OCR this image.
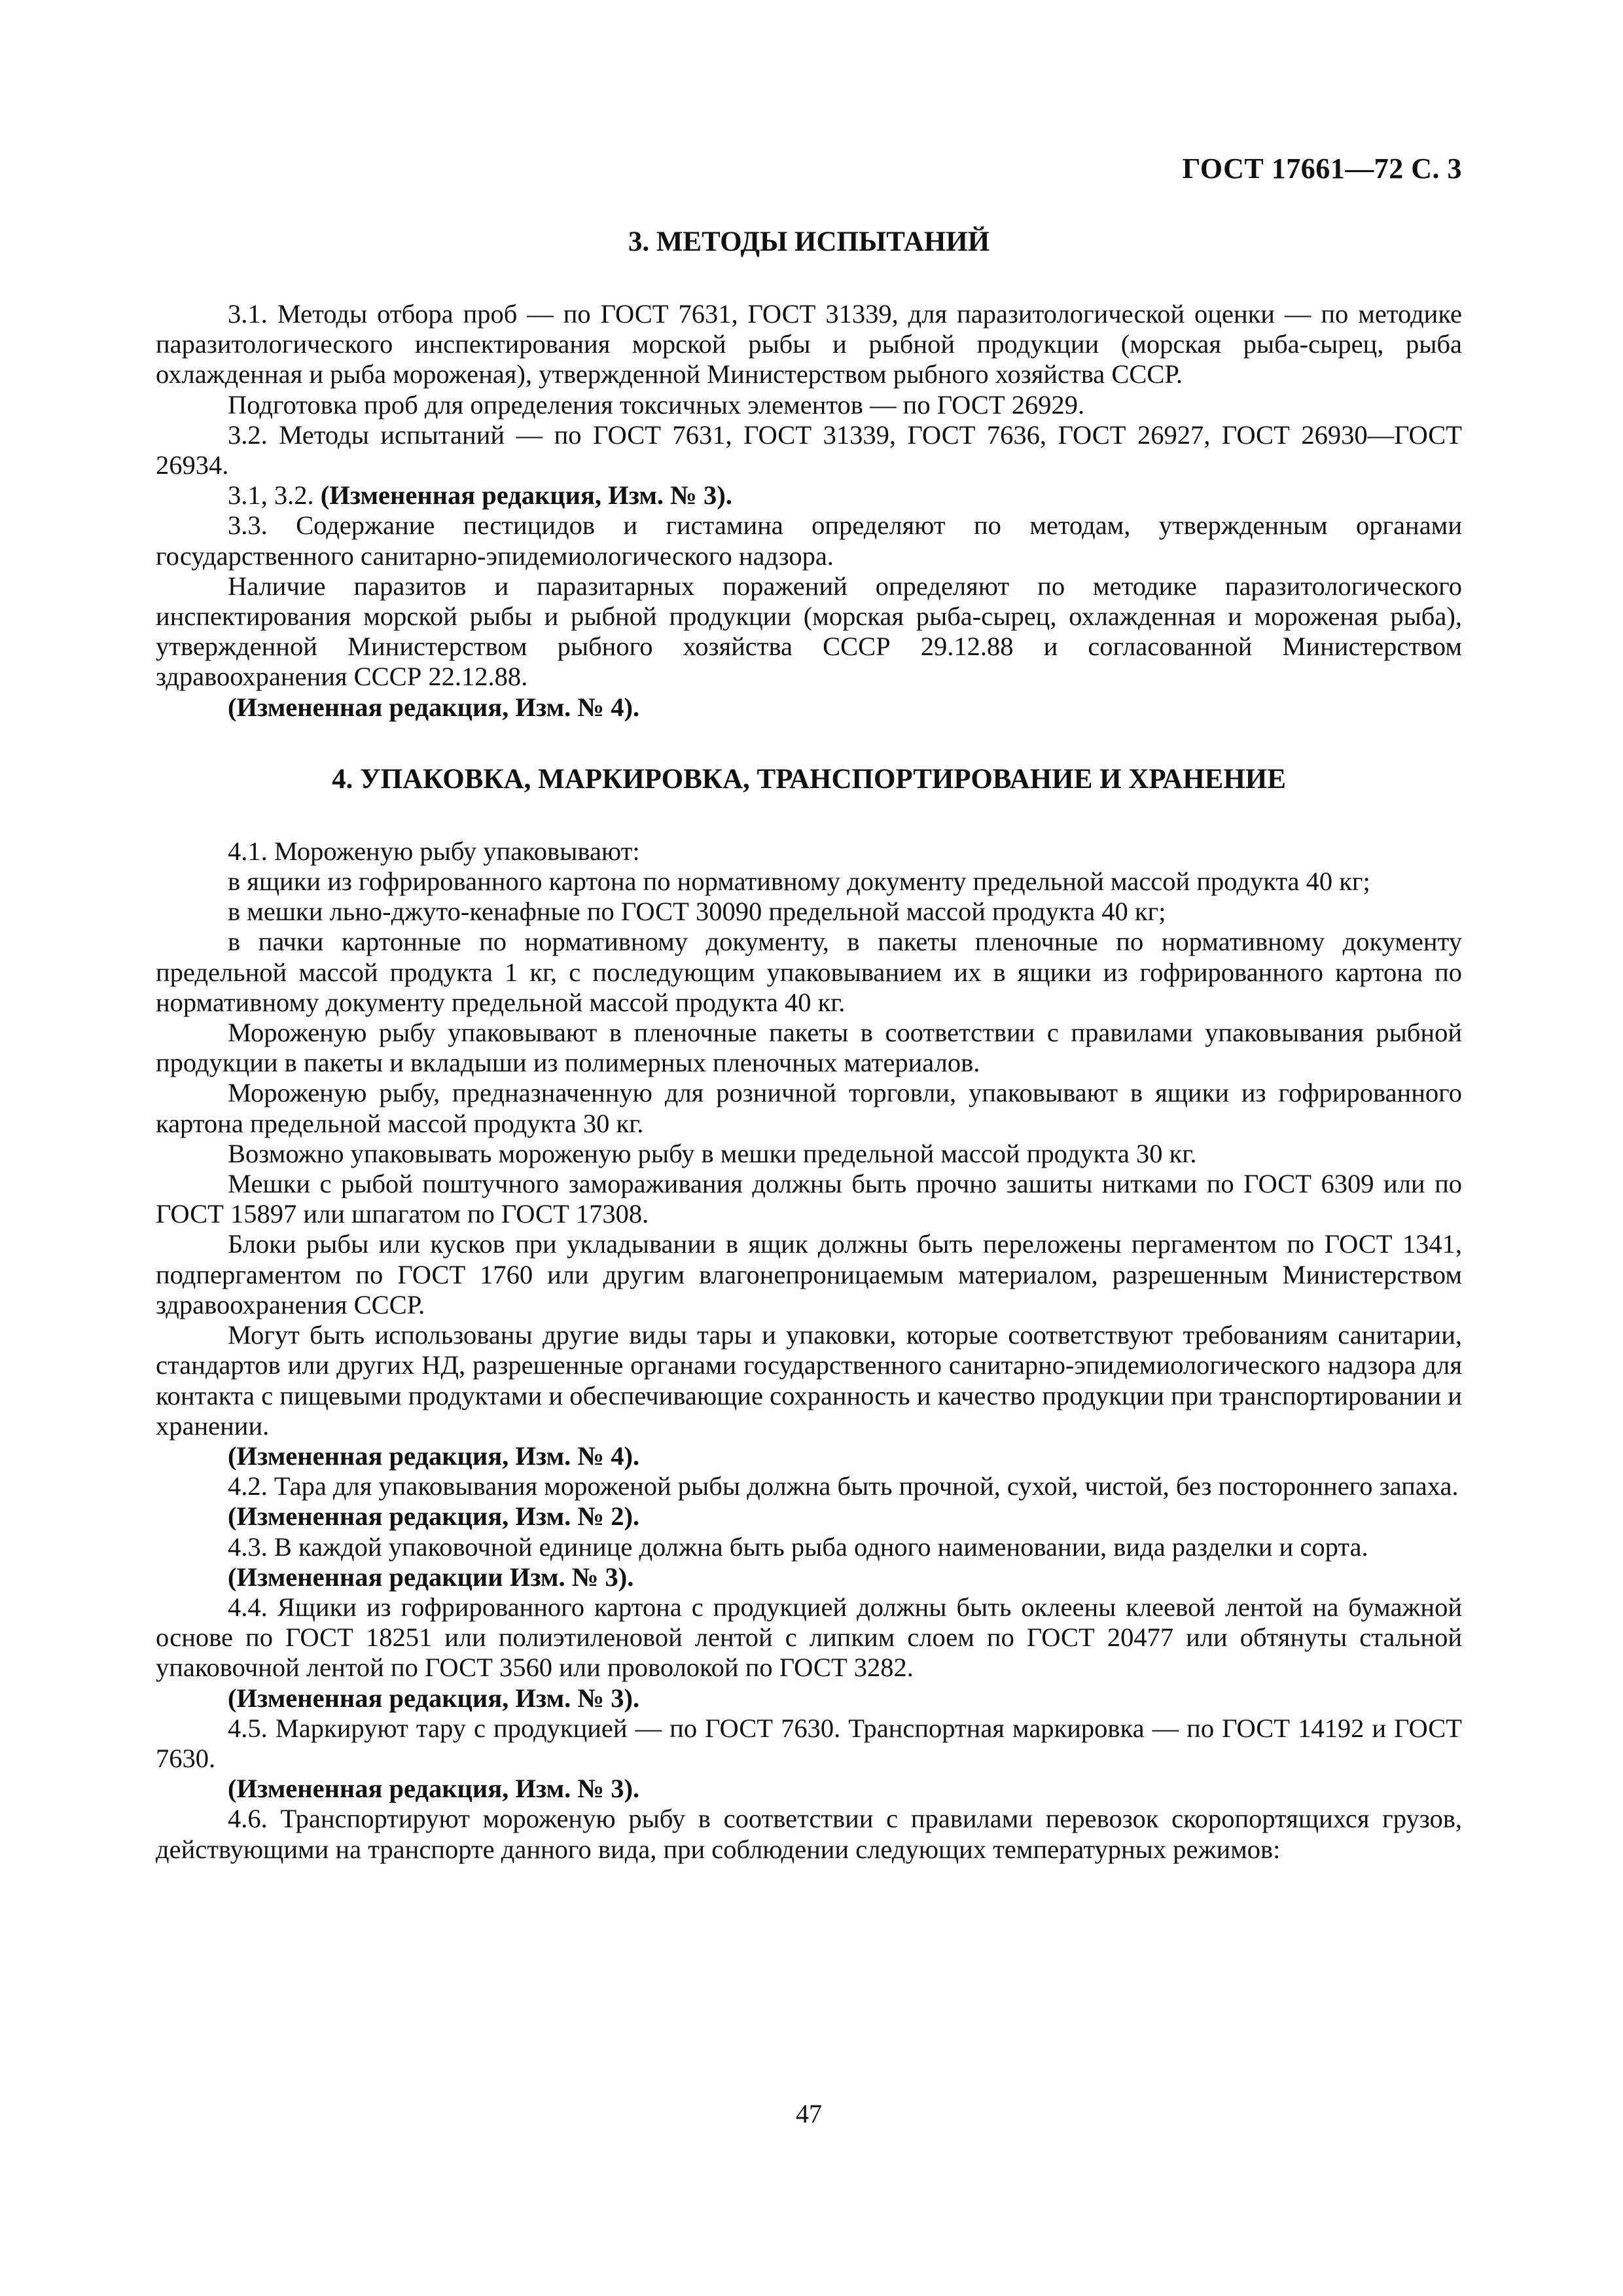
ГОСТ 17661—72 С. 3
3. МЕТОДЫ ИСПЫТАНИЙ

3.1. Методы отбора проб — по ГОСТ 7631, ГОСТ 31339, для паразитологической оценки — по методике паразитологического инспектирования морской рыбы и рыбной продукции (морская рыба-сырец, рыба охлажденная и рыба мороженая), утвержденной Министерством рыбного хозяйства СССР.

Подготовка проб для определения токсичных элементов — по ГОСТ 26929.

3.2. Методы испытаний — по ГОСТ 7631, ГОСТ 31339, ГОСТ 7636, ГОСТ 26927, ГОСТ 26930—ГОСТ 26934.

3.1, 3.2. (Измененная редакция, Изм. № 3).

3.3. Содержание пестицидов и гистамина определяют по методам, утвержденным органами государственного санитарно-эпидемиологического надзора.

Наличие паразитов и паразитарных поражений определяют по методике паразитологического инспектирования морской рыбы и рыбной продукции (морская рыба-сырец, охлажденная и мороженая рыба), утвержденной Министерством рыбного хозяйства СССР 29.12.88 и согласованной Министерством здравоохранения СССР 22.12.88.

(Измененная редакция, Изм. № 4).

4. УПАКОВКА, МАРКИРОВКА, ТРАНСПОРТИРОВАНИЕ И ХРАНЕНИЕ

4.1. Мороженую рыбу упаковывают:

в ящики из гофрированного картона по нормативному документу предельной массой продукта 40 кг;

в мешки льно-джуто-кенафные по ГОСТ 30090 предельной массой продукта 40 кг;

в пачки картонные по нормативному документу, в пакеты пленочные по нормативному документу предельной массой продукта 1 кг, с последующим упаковыванием их в ящики из гофрированного картона по нормативному документу предельной массой продукта 40 кг.

Мороженую рыбу упаковывают в пленочные пакеты в соответствии с правилами упаковывания рыбной продукции в пакеты и вкладыши из полимерных пленочных материалов.

Мороженую рыбу, предназначенную для розничной торговли, упаковывают в ящики из гофрированного картона предельной массой продукта 30 кг.

Возможно упаковывать мороженую рыбу в мешки предельной массой продукта 30 кг.

Мешки с рыбой поштучного замораживания должны быть прочно зашиты нитками по ГОСТ 6309 или по ГОСТ 15897 или шпагатом по ГОСТ 17308.

Блоки рыбы или кусков при укладывании в ящик должны быть переложены пергаментом по ГОСТ 1341, подпергаментом по ГОСТ 1760 или другим влагонепроницаемым материалом, разрешенным Министерством здравоохранения СССР.

Могут быть использованы другие виды тары и упаковки, которые соответствуют требованиям санитарии, стандартов или других НД, разрешенные органами государственного санитарно-эпидемиологического надзора для контакта с пищевыми продуктами и обеспечивающие сохранность и качество продукции при транспортировании и хранении.

(Измененная редакция, Изм. № 4).

4.2. Тара для упаковывания мороженой рыбы должна быть прочной, сухой, чистой, без постороннего запаха.

(Измененная редакция, Изм. № 2).

4.3. В каждой упаковочной единице должна быть рыба одного наименовании, вида разделки и сорта.

(Измененная редакции Изм. № 3).

4.4. Ящики из гофрированного картона с продукцией должны быть оклеены клеевой лентой на бумажной основе по ГОСТ 18251 или полиэтиленовой лентой с липким слоем по ГОСТ 20477 или обтянуты стальной упаковочной лентой по ГОСТ 3560 или проволокой по ГОСТ 3282.

(Измененная редакция, Изм. № 3).

4.5. Маркируют тару с продукцией — по ГОСТ 7630. Транспортная маркировка — по ГОСТ 14192 и ГОСТ 7630.

(Измененная редакция, Изм. № 3).

4.6. Транспортируют мороженую рыбу в соответствии с правилами перевозок скоропортящихся грузов, действующими на транспорте данного вида, при соблюдении следующих температурных режимов:

47
